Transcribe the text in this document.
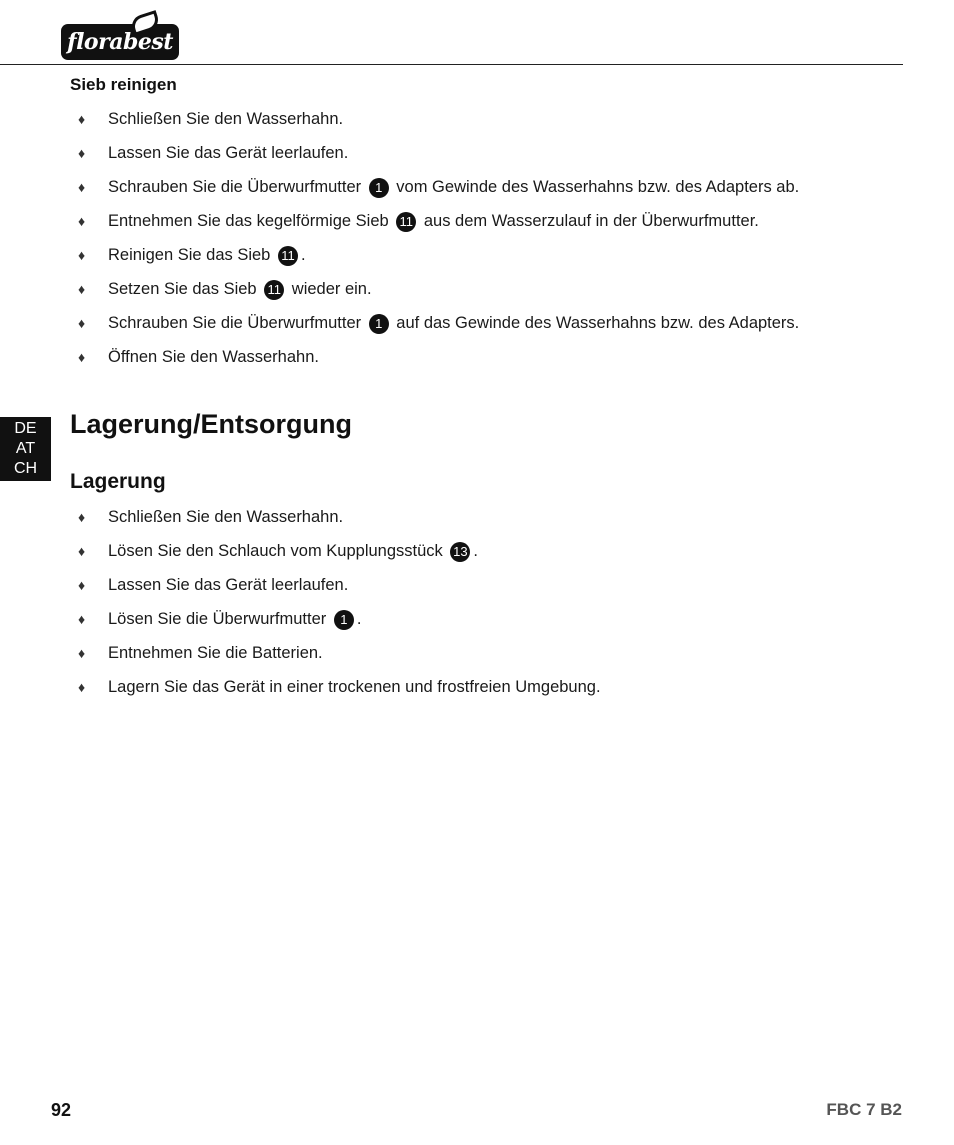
florabest
Sieb reinigen
♦ Schließen Sie den Wasserhahn.
♦ Lassen Sie das Gerät leerlaufen.
♦ Schrauben Sie die Überwurfmutter 1 vom Gewinde des Wasserhahns bzw. des Adapters ab.
♦ Entnehmen Sie das kegelförmige Sieb 11 aus dem Wasserzulauf in der Überwurfmutter.
♦ Reinigen Sie das Sieb 11 .
♦ Setzen Sie das Sieb 11 wieder ein.
♦ Schrauben Sie die Überwurfmutter 1 auf das Gewinde des Wasserhahns bzw. des Adapters.
♦ Öffnen Sie den Wasserhahn.
DE
AT
CH
Lagerung/Entsorgung
Lagerung
♦ Schließen Sie den Wasserhahn.
♦ Lösen Sie den Schlauch vom Kupplungsstück 13 .
♦ Lassen Sie das Gerät leerlaufen.
♦ Lösen Sie die Überwurfmutter 1 .
♦ Entnehmen Sie die Batterien.
♦ Lagern Sie das Gerät in einer trockenen und frostfreien Umgebung.
92	FBC 7 B2
